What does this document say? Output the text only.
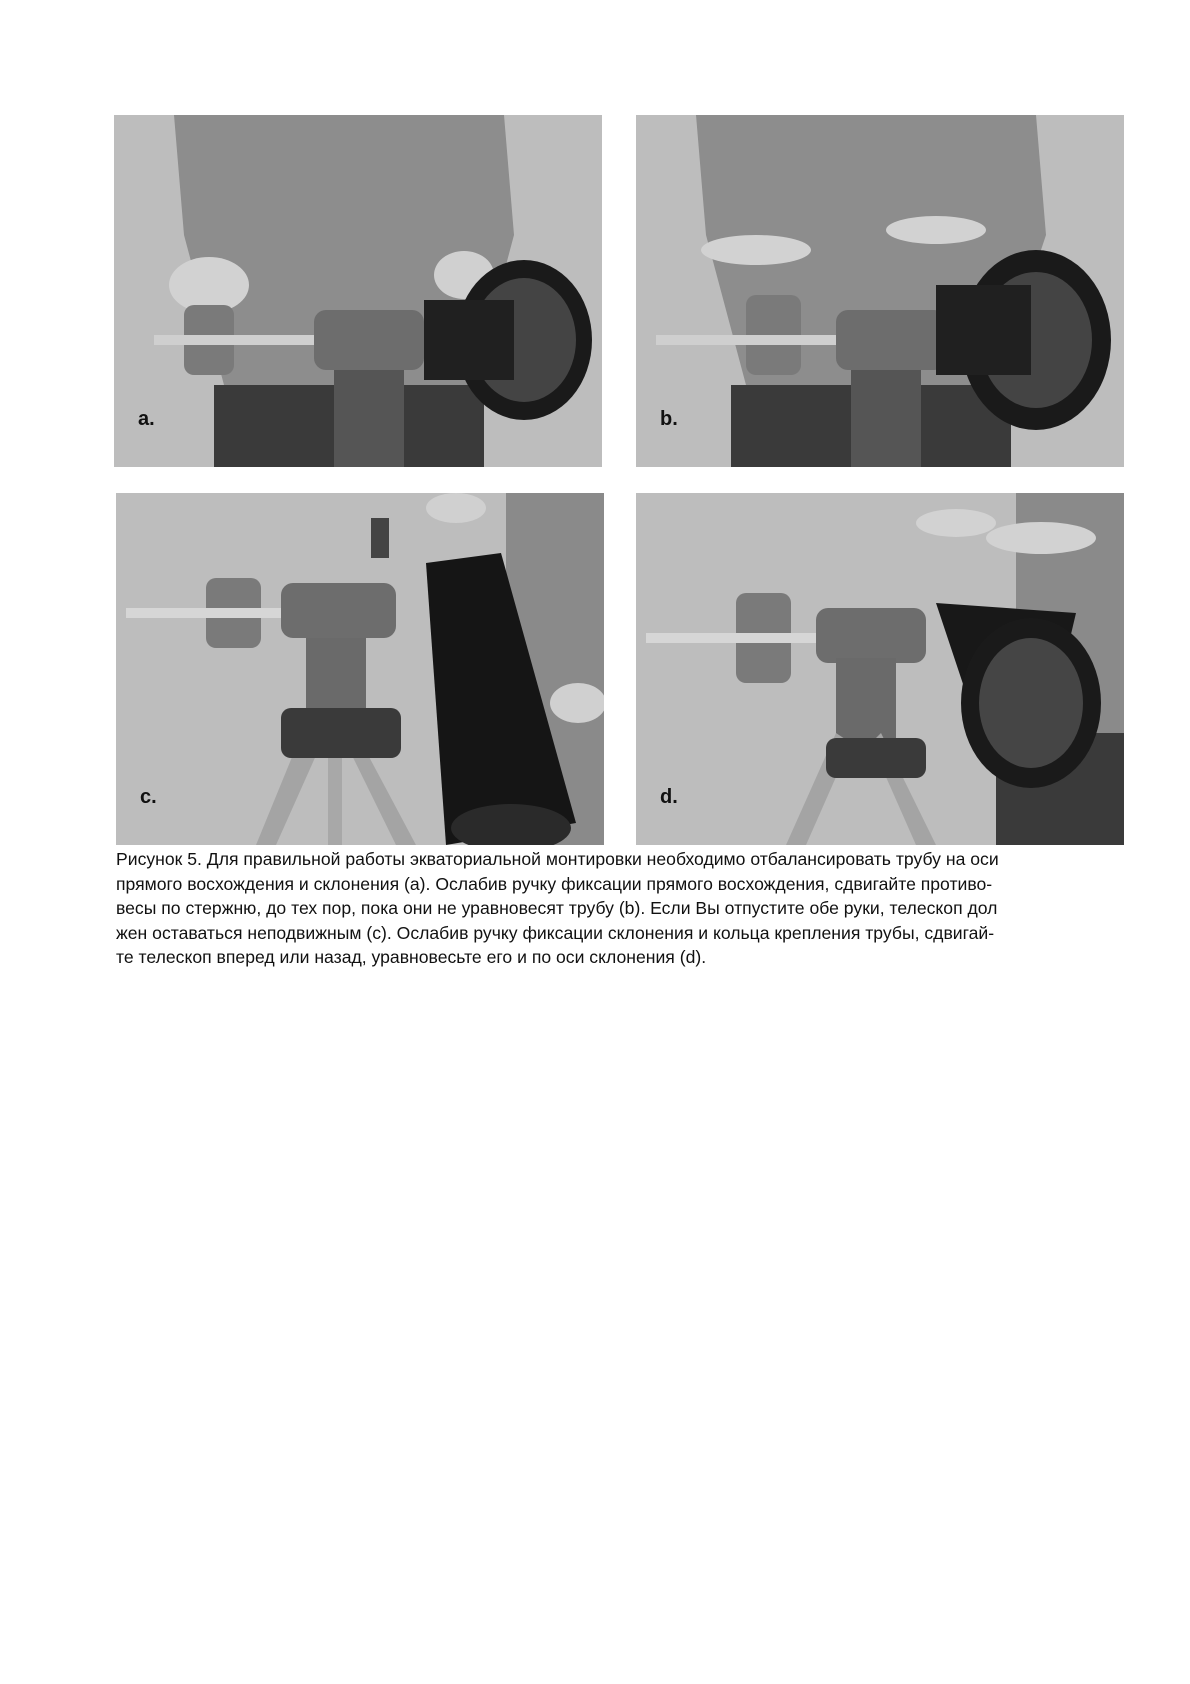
a.	b.
c.	d.
Рисунок 5. Для правильной работы экваториальной монтировки необходимо отбалансировать трубу на оси
прямого восхождения и склонения (а). Ослабив ручку фиксации прямого восхождения, сдвигайте противо-
весы по стержню, до тех пор, пока они не уравновесят трубу (b). Если Вы отпустите обе руки, телескоп дол
жен оставаться неподвижным (с). Ослабив ручку фиксации склонения и кольца крепления трубы, сдвигай-
те телескоп вперед или назад, уравновесьте его и по оси склонения (d).
